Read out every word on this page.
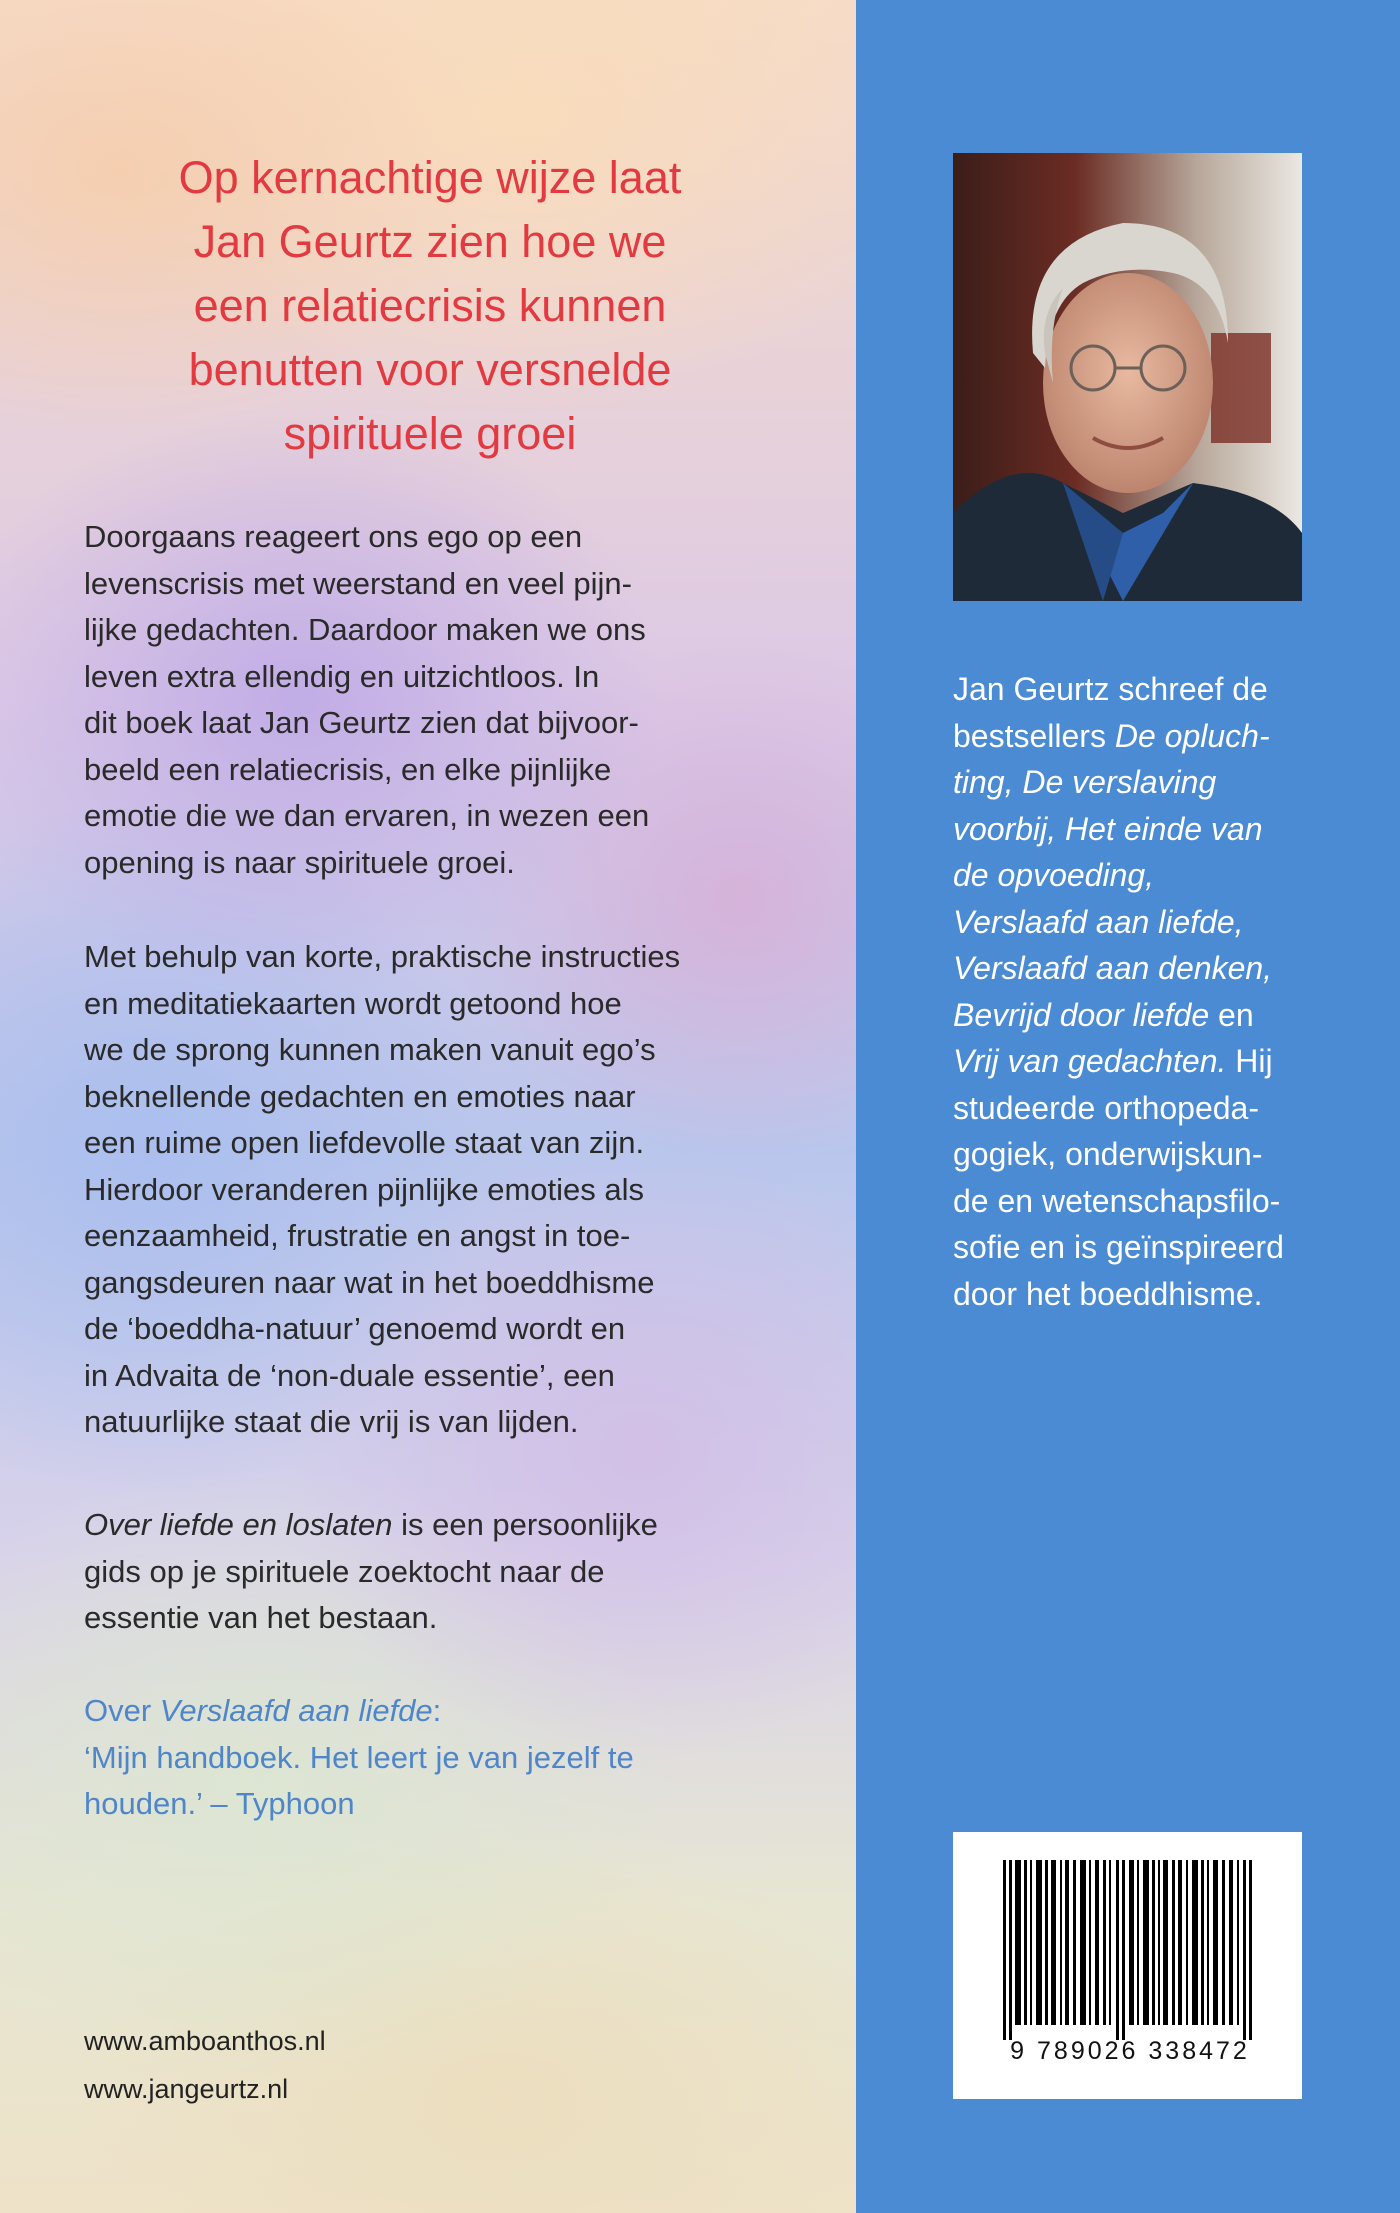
Op kernachtige wijze laat
Jan Geurtz zien hoe we
een relatiecrisis kunnen
benutten voor versnelde
spirituele groei

Doorgaans reageert ons ego op een
levenscrisis met weerstand en veel pijn-
lijke gedachten. Daardoor maken we ons
leven extra ellendig en uitzichtloos. In
dit boek laat Jan Geurtz zien dat bijvoor-
beeld een relatiecrisis, en elke pijnlijke
emotie die we dan ervaren, in wezen een
opening is naar spirituele groei.

Met behulp van korte, praktische instructies
en meditatiekaarten wordt getoond hoe
we de sprong kunnen maken vanuit ego’s
beknellende gedachten en emoties naar
een ruime open liefdevolle staat van zijn.
Hierdoor veranderen pijnlijke emoties als
eenzaamheid, frustratie en angst in toe-
gangsdeuren naar wat in het boeddhisme
de ‘boeddha-natuur’ genoemd wordt en
in Advaita de ‘non-duale essentie’, een
natuurlijke staat die vrij is van lijden.

Over liefde en loslaten is een persoonlijke
gids op je spirituele zoektocht naar de
essentie van het bestaan.

Over Verslaafd aan liefde:
‘Mijn handboek. Het leert je van jezelf te
houden.’ – Typhoon

www.amboanthos.nl
www.jangeurtz.nl

Jan Geurtz schreef de
bestsellers De opluch-
ting, De verslaving
voorbij, Het einde van
de opvoeding,
Verslaafd aan liefde,
Verslaafd aan denken,
Bevrijd door liefde en
Vrij van gedachten. Hij
studeerde orthopeda-
gogiek, onderwijskun-
de en wetenschapsfilo-
sofie en is geïnspireerd
door het boeddhisme.

9 789026 338472
